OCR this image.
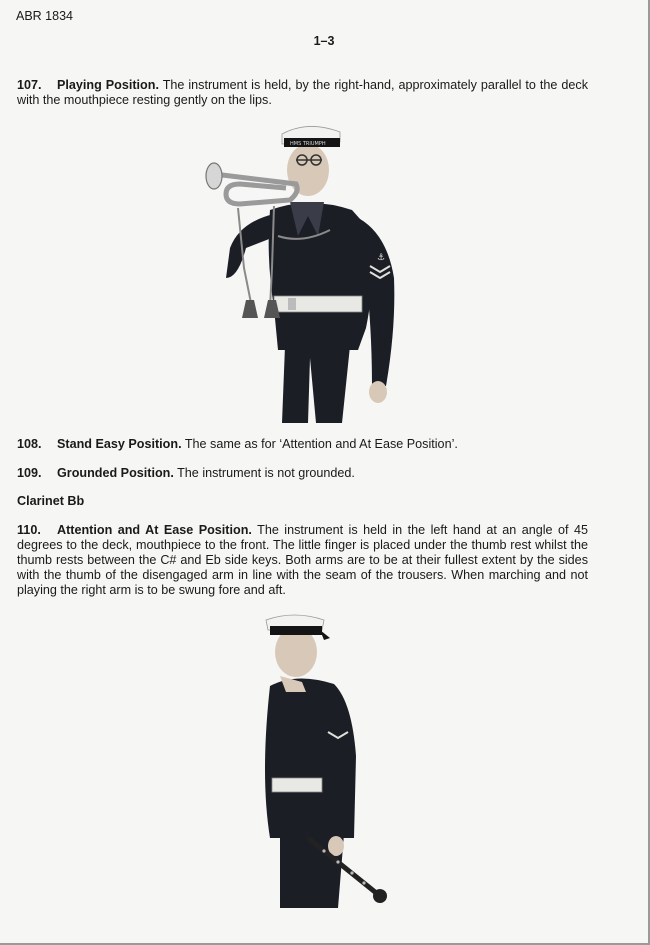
ABR 1834
1–3

107. Playing Position. The instrument is held, by the right-hand, approximately parallel to the deck with the mouthpiece resting gently on the lips.

⚓
HMS TRIUMPH

108. Stand Easy Position. The same as for ‘Attention and At Ease Position’.

109. Grounded Position. The instrument is not grounded.

Clarinet Bb

110. Attention and At Ease Position. The instrument is held in the left hand at an angle of 45 degrees to the deck, mouthpiece to the front. The little finger is placed under the thumb rest whilst the thumb rests between the C# and Eb side keys. Both arms are to be at their fullest extent by the sides with the thumb of the disengaged arm in line with the seam of the trousers. When marching and not playing the right arm is to be swung fore and aft.
